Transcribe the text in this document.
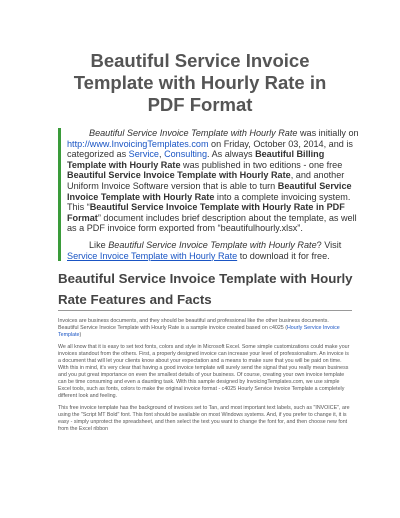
Beautiful Service Invoice
Template with Hourly Rate in
PDF Format

Beautiful Service Invoice Template with Hourly Rate was initially on http://www.InvoicingTemplates.com on Friday, October 03, 2014, and is categorized as Service, Consulting. As always Beautiful Billing Template with Hourly Rate was published in two editions - one free Beautiful Service Invoice Template with Hourly Rate, and another Uniform Invoice Software version that is able to turn Beautiful Service Invoice Template with Hourly Rate into a complete invoicing system. This “Beautiful Service Invoice Template with Hourly Rate in PDF Format” document includes brief description about the template, as well as a PDF invoice form exported from “beautifulhourly.xlsx”.

Like Beautiful Service Invoice Template with Hourly Rate? Visit Service Invoice Template with Hourly Rate to download it for free.

Beautiful Service Invoice Template with Hourly
Rate Features and Facts

Invoices are business documents, and they should be beautiful and professional like the other business documents. Beautiful Service Invoice Template with Hourly Rate is a sample invoice created based on c4025 (Hourly Service Invoice Template)

We all know that it is easy to set text fonts, colors and style in Microsoft Excel. Some simple customizations could make your invoices standout from the others. First, a properly designed invoice can increase your level of professionalism. An invoice is a document that will let your clients know about your expectation and a means to make sure that you will be paid on time. With this in mind, it's very clear that having a good invoice template will surely send the signal that you really mean business and you put great importance on even the smallest details of your business. Of course, creating your own invoice template can be time consuming and even a daunting task. With this sample designed by InvoicingTemplates.com, we use simple Excel tools, such as fonts, colors to make the original invoice format - c4025 Hourly Service Invoice Template a completely different look and feeling.

This free invoice template has the background of invoices set to Tan, and most important text labels, such as "INVOICE", are using the "Script MT Bold" font. This font should be available on most Windows systems. And, if you prefer to change it, it is easy - simply unprotect the spreadsheet, and then select the text you want to change the font for, and then choose new font from the Excel ribbon
